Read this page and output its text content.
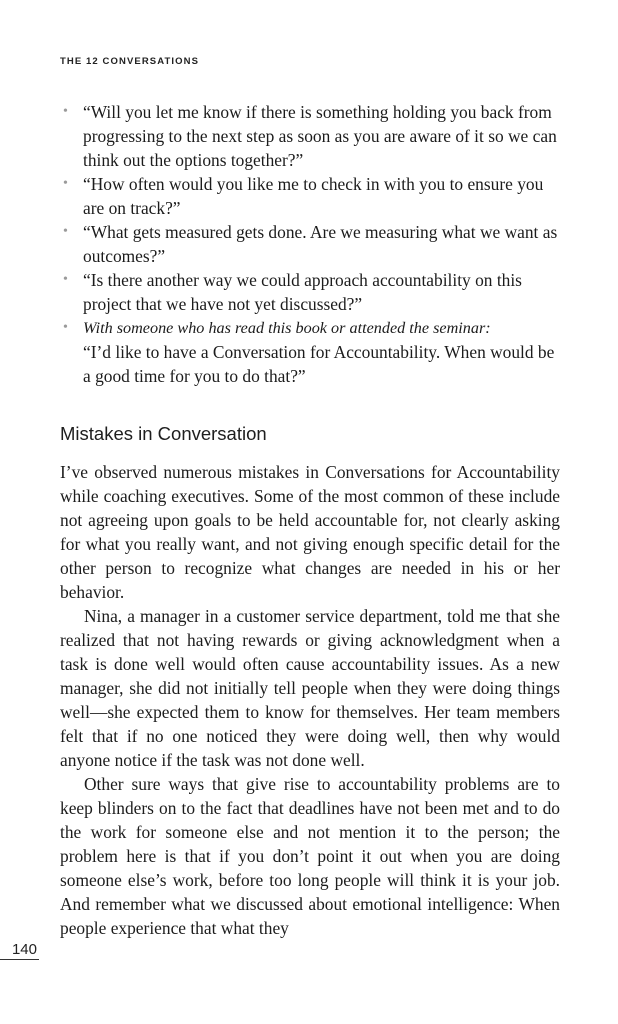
THE 12 CONVERSATIONS
• “Will you let me know if there is something holding you back from progressing to the next step as soon as you are aware of it so we can think out the options together?”
• “How often would you like me to check in with you to ensure you are on track?”
• “What gets measured gets done. Are we measuring what we want as outcomes?”
• “Is there another way we could approach accountability on this project that we have not yet discussed?”
• With someone who has read this book or attended the seminar:
“I’d like to have a Conversation for Accountability. When would be a good time for you to do that?”
Mistakes in Conversation

I’ve observed numerous mistakes in Conversations for Accountability while coaching executives. Some of the most common of these include not agreeing upon goals to be held accountable for, not clearly asking for what you really want, and not giving enough specific detail for the other person to recognize what changes are needed in his or her behavior.

Nina, a manager in a customer service department, told me that she realized that not having rewards or giving acknowledgment when a task is done well would often cause accountability issues. As a new manager, she did not initially tell people when they were doing things well—she expected them to know for themselves. Her team members felt that if no one noticed they were doing well, then why would anyone notice if the task was not done well.

Other sure ways that give rise to accountability problems are to keep blinders on to the fact that deadlines have not been met and to do the work for someone else and not mention it to the person; the problem here is that if you don’t point it out when you are doing someone else’s work, before too long people will think it is your job. And remember what we discussed about emotional intelligence: When people experience that what they

140
